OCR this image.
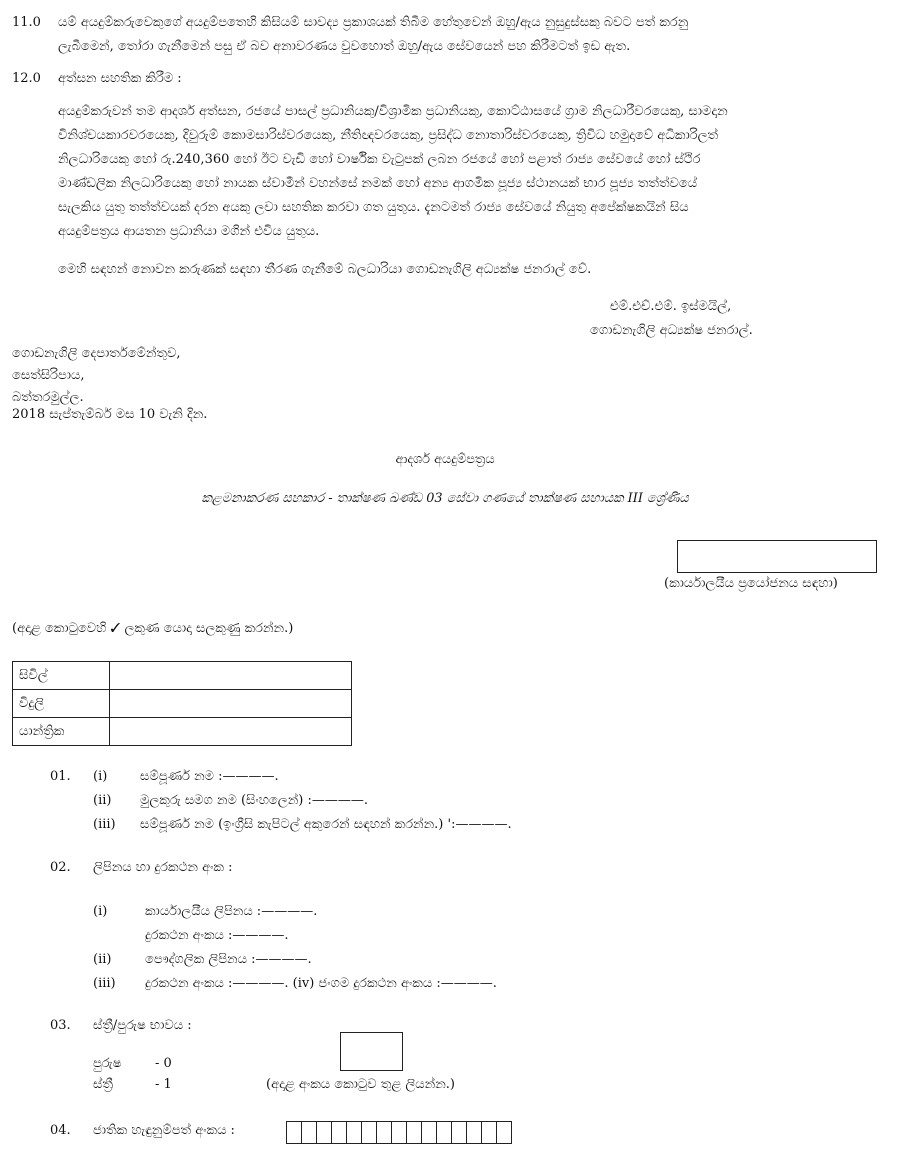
11.0 යම් අයදුම්කරුවෙකුගේ අයදුම්පතෙහි කිසියම් සාවද්‍ය ප්‍රකාශයක් තිබීම හේතුවෙන් ඔහු/ඇය නුසුදුස්සකු බවට පත් කරනු
ලැබීමෙන්, තෝරා ගැනීමෙන් පසු ඒ බව අනාවරණය වුවහොත් ඔහු/ඇය සේවයෙන් පහ කිරීමටත් ඉඩ ඇත.
12.0 අත්සන සහතික කිරීම :
අයදුම්කරුවන් තම ආදර්ශ අත්සන, රජයේ පාසල් ප්‍රධානියකු/විශ්‍රාමික ප්‍රධානියකු, කොට්ඨාසයේ ග්‍රාම නිලධාරීවරයෙකු, සාමදාන
විනිශ්චයකාරවරයෙකු, දිවුරුම් කොමසාරිස්වරයෙකු, නීතිඥවරයෙකු, ප්‍රසිද්ධ නොතාරිස්වරයෙකු, ත්‍රිවිධ හමුදාවේ අධිකාරිලත්
නිලධාරියෙකු හෝ රු.240,360 හෝ ඊට වැඩි හෝ වාර්ෂික වැටුපක් ලබන රජයේ හෝ පළාත් රාජ්‍ය සේවයේ හෝ ස්ථිර
මාණ්ඩලික නිලධාරියෙකු හෝ නායක ස්වාමීන් වහන්සේ නමක් හෝ අන්‍ය ආගමික පූජ්‍ය ස්ථානයක් භාර පූජ්‍ය තත්ත්වයේ
සැලකිය යුතු තත්ත්වයක් දරන අයකු ලවා සහතික කරවා ගත යුතුය. දැනටමත් රාජ්‍ය සේවයේ නියුතු අපේක්ෂකයින් සිය
අයදුම්පත්‍රය ආයතන ප්‍රධානියා මගින් එවිය යුතුය.
මෙහි සඳහන් නොවන කරුණක් සඳහා තීරණ ගැනීමේ බලධාරියා ගොඩනැගිලි අධ්‍යක්ෂ ජනරාල් වේ.
එම්.එච්.එම්. ඉස්මයිල්,
ගොඩනැගිලි අධ්‍යක්ෂ ජනරාල්.
ගොඩනැගිලි දෙපාර්තමේන්තුව,
සෙත්සිරිපාය,
බත්තරමුල්ල.
2018 සැප්තැම්බර් මස 10 වැනි දින.
ආදර්ශ අයදුම්පත්‍රය
කළමනාකරණ සහකාර - තාක්ෂණ ඛණ්ඩ 03 සේවා ගණයේ තාක්ෂණ සහායක III ශ්‍රේණිය
(කාර්යාලයීය ප්‍රයෝජනය සඳහා)
(අදාළ කොටුවෙහි ✓ ලකුණ යොදා සලකුණු කරන්න.)
සිවිල්	
විදුලි	
යාන්ත්‍රික	
01. (i)	සම්පූර්ණ නම :————.
(ii) මුලකුරු සමග නම (සිංහලෙන්) :————.
(iii) සම්පූර්ණ නම (ඉංග්‍රීසි කැපිටල් අකුරෙන් සඳහන් කරන්න.) ':————.
02. ලිපිනය හා දුරකථන අංක :
(i)	කාර්යාලයීය ලිපිනය :————.
දුරකථන අංකය :————.
(ii)	පෞද්ගලික ලිපිනය :————.
(iii) දුරකථන අංකය :————. (iv) ජංගම දුරකථන අංකය :————.
03. ස්ත්‍රී/පුරුෂ භාවය :
පුරුෂ	- 0
ස්ත්‍රී	- 1	(අදාළ අංකය කොටුව තුළ ලියන්න.)
04. ජාතික හැඳුනුම්පත් අංකය :
